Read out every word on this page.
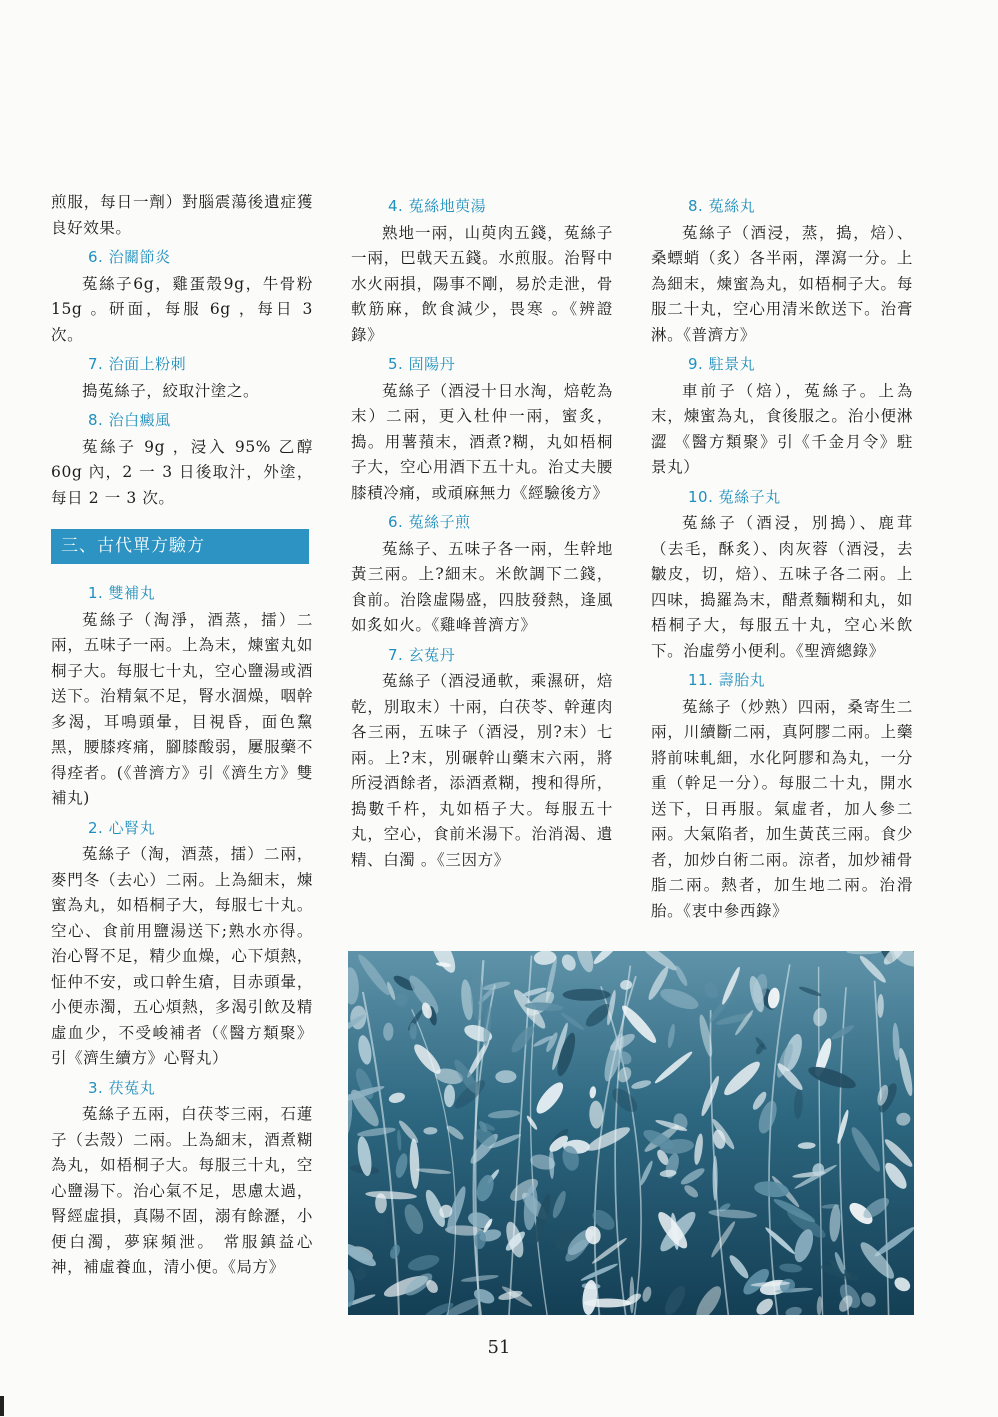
煎服，每日一劑）對腦震蕩後遺症獲良好效果。
6. 治關節炎
菟絲子6g，雞蛋殼9g，牛骨粉15g 。研面，每服 6g ，每日 3 次。
7. 治面上粉刺
搗菟絲子，絞取汁塗之。
8. 治白癜風
菟絲子 9g ，浸入 95% 乙醇60g 內，2 一 3 日後取汁，外塗，每日 2 一 3 次。
三、古代單方驗方
1. 雙補丸
菟絲子（淘淨，酒蒸，擂）二兩，五味子一兩。上為末，煉蜜丸如桐子大。每服七十丸，空心鹽湯或酒送下。治精氣不足，腎水涸燥，咽幹多渴，耳鳴頭暈，目視昏，面色黧黑，腰膝疼痛，腳膝酸弱，屢服藥不得痊者。(《普濟方》引《濟生方》雙補丸)
2. 心腎丸
菟絲子（淘，酒蒸，擂）二兩，麥門冬（去心）二兩。上為細末，煉蜜為丸，如梧桐子大，每服七十丸。空心、食前用鹽湯送下;熟水亦得。治心腎不足，精少血燥，心下煩熱，怔仲不安，或口幹生瘡，目赤頭暈，小便赤濁，五心煩熱，多渴引飲及精虛血少，不受峻補者（《醫方類聚》引《濟生續方》心腎丸）
3. 茯菟丸
菟絲子五兩，白茯苓三兩，石蓮子（去殼）二兩。上為細末，酒煮糊為丸，如梧桐子大。每服三十丸，空心鹽湯下。治心氣不足，思慮太過，腎經虛損，真陽不固，溺有餘瀝，小便白濁，夢寐頻泄。 常服鎮益心神，補虛養血，清小便。《局方》
4. 菟絲地萸湯
熟地一兩，山萸肉五錢，菟絲子一兩，巴戟天五錢。水煎服。治腎中水火兩損，陽事不剛，易於走泄，骨軟筋麻，飲食減少，畏寒 。《辨證錄》
5. 固陽丹
菟絲子（酒浸十日水淘，焙乾為末）二兩，更入杜仲一兩，蜜炙，搗。用薯蕷末，酒煮?糊，丸如梧桐子大，空心用酒下五十丸。治丈夫腰膝積冷痛，或頑麻無力《經驗後方》
6. 菟絲子煎
菟絲子、五味子各一兩，生幹地黃三兩。上?細末。米飲調下二錢，食前。治陰虛陽盛，四肢發熱，逢風如炙如火。《雞峰普濟方》
7. 玄菟丹
菟絲子（酒浸通軟，乘濕研，焙乾，別取末）十兩，白茯苓、幹蓮肉各三兩，五味子（酒浸，別?末）七兩。上?末，別碾幹山藥末六兩，將所浸酒餘者，添酒煮糊，搜和得所，搗數千杵，丸如梧子大。每服五十丸，空心，食前米湯下。治消渴、遺精、白濁 。《三因方》
8. 菟絲丸
菟絲子（酒浸，蒸，搗，焙）、桑螵蛸（炙）各半兩，澤瀉一分。上為細末，煉蜜為丸，如梧桐子大。每服二十丸，空心用清米飲送下。治膏淋。《普濟方》
9. 駐景丸
車前子（焙），菟絲子。上為末，煉蜜為丸，食後服之。治小便淋澀 《醫方類聚》引《千金月令》駐景丸）
10. 菟絲子丸
菟絲子（酒浸，別搗）、鹿茸（去毛，酥炙）、肉灰蓉（酒浸，去皺皮，切，焙）、五味子各二兩。上四味，搗羅為末，醋煮麵糊和丸，如梧桐子大，每服五十丸，空心米飲下。治虛勞小便利。《聖濟總錄》
11. 壽胎丸
菟絲子（炒熟）四兩，桑寄生二兩，川續斷二兩，真阿膠二兩。上藥將前味軋細，水化阿膠和為丸，一分重（幹足一分）。每服二十丸，開水送下，日再服。氣虛者，加人參二兩。大氣陷者，加生黃芪三兩。食少者，加炒白術二兩。涼者，加炒補骨脂二兩。熱者，加生地二兩。治滑胎。《衷中參西錄》
51
